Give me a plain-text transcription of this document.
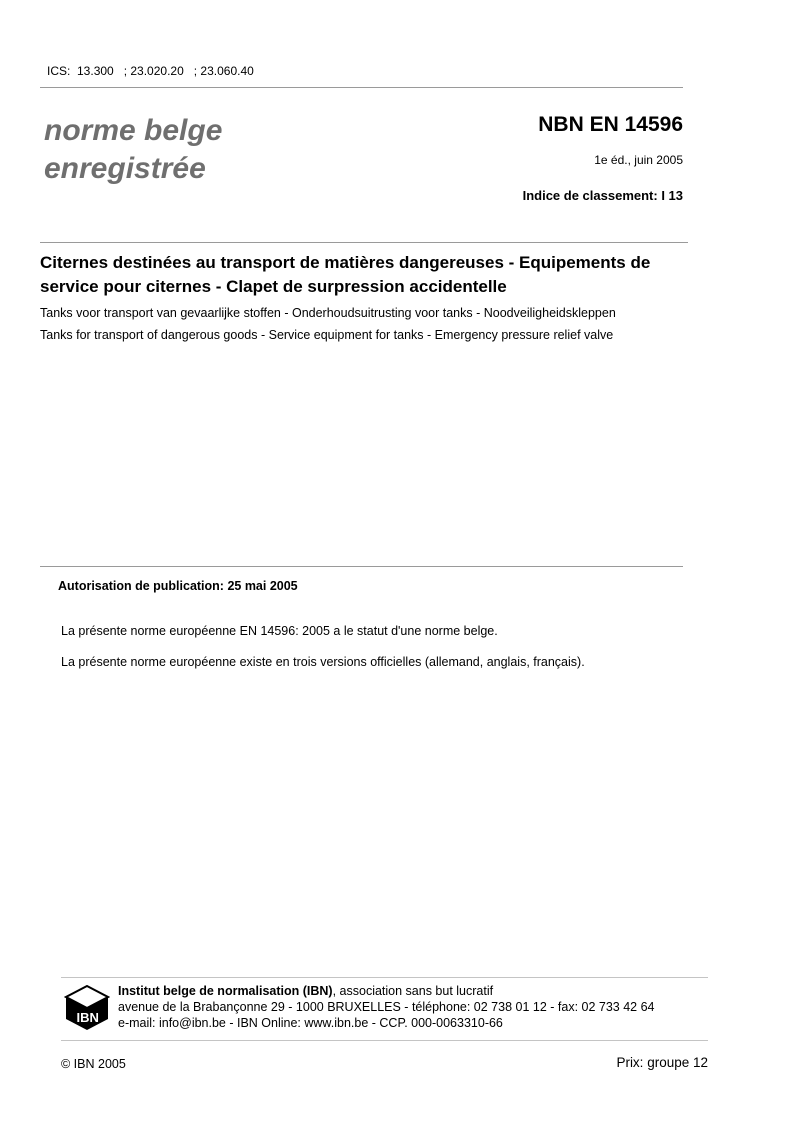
ICS:  13.300   ; 23.020.20   ; 23.060.40
norme belge
enregistrée
NBN EN 14596
1e éd., juin 2005
Indice de classement: I 13
Citernes destinées au transport de matières dangereuses - Equipements de service pour citernes - Clapet de surpression accidentelle
Tanks voor transport van gevaarlijke stoffen - Onderhoudsuitrusting voor tanks - Noodveiligheidskleppen
Tanks for transport of dangerous goods - Service equipment for tanks - Emergency pressure relief valve
Autorisation de publication: 25 mai 2005
La présente norme européenne EN 14596: 2005 a le statut d'une norme belge.
La présente norme européenne existe en trois versions officielles (allemand, anglais, français).
IBN
Institut belge de normalisation (IBN), association sans but lucratif
avenue de la Brabançonne 29 - 1000 BRUXELLES - téléphone: 02 738 01 12 - fax: 02 733 42 64
e-mail: info@ibn.be - IBN Online: www.ibn.be - CCP. 000-0063310-66
© IBN 2005	Prix: groupe 12
